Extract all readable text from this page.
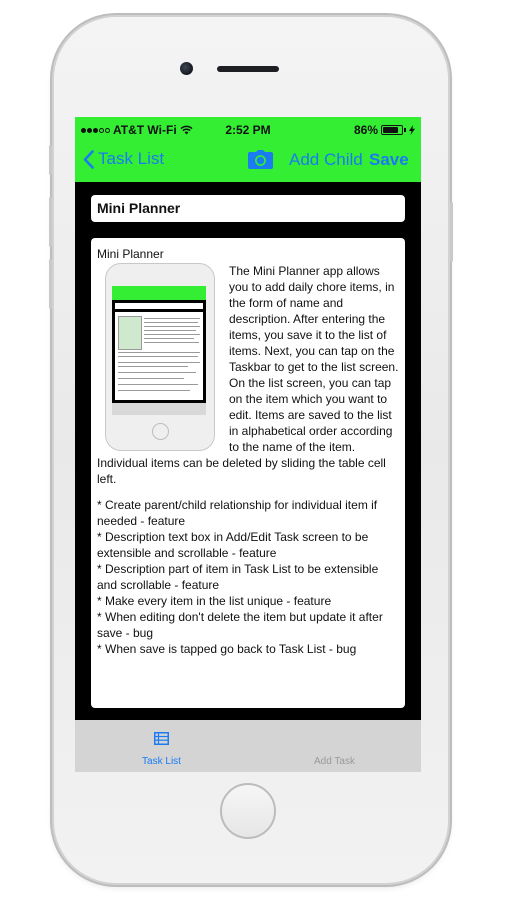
AT&T Wi-Fi	2:52 PM	86%
Task List	Add Child Save
Mini Planner
Mini Planner
The Mini Planner app allows you to add daily chore items, in the form of name and description. After entering the items, you save it to the list of items. Next, you can tap on the Taskbar to get to the list screen. On the list screen, you can tap on the item which you want to edit. Items are saved to the list in alphabetical order according to the name of the item. Individual items can be deleted by sliding the table cell left.
* Create parent/child relationship for individual item if needed - feature
* Description text box in Add/Edit Task screen to be extensible and scrollable - feature
* Description part of item in Task List to be extensible and scrollable - feature
* Make every item in the list unique - feature
* When editing don't delete the item but update it after save - bug
* When save is tapped go back to Task List - bug
Task List	Add Task
